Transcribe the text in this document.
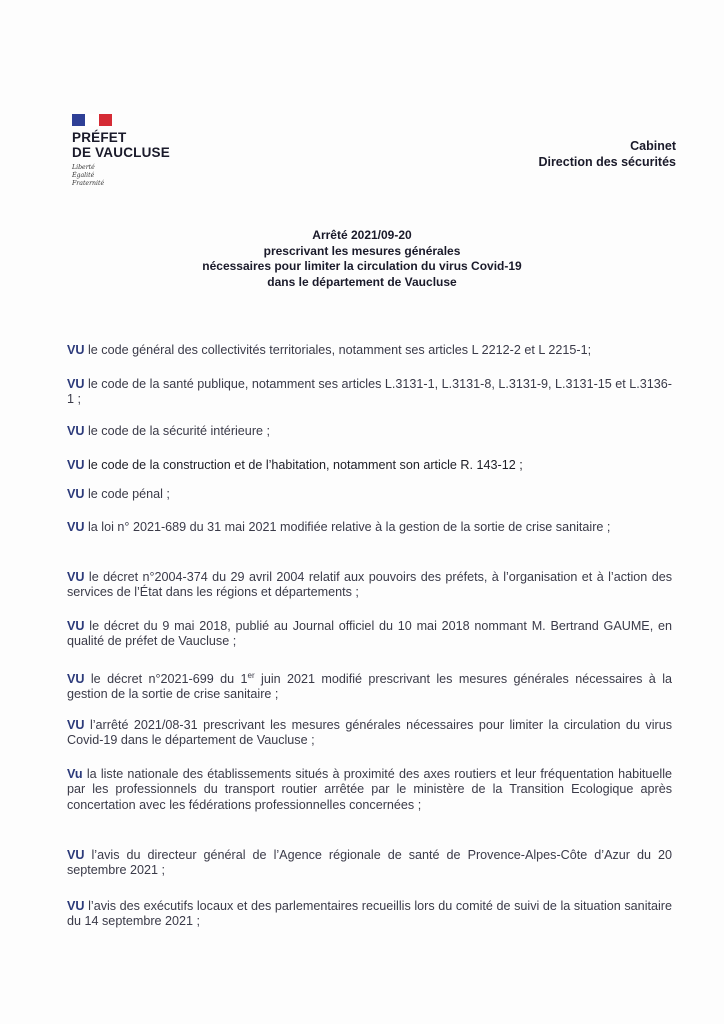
PRÉFET
DE VAUCLUSE
Liberté
Égalité
Fraternité
Cabinet
Direction des sécurités
Arrêté 2021/09-20
prescrivant les mesures générales
nécessaires pour limiter la circulation du virus Covid-19
dans le département de Vaucluse
VU le code général des collectivités territoriales, notamment ses articles L 2212-2 et L 2215-1;
VU le code de la santé publique, notamment ses articles L.3131-1, L.3131-8, L.3131-9, L.3131-15 et L.3136-1 ;
VU le code de la sécurité intérieure ;
VU le code de la construction et de l’habitation, notamment son article R. 143-12 ;
VU le code pénal ;
VU la loi n° 2021-689 du 31 mai 2021 modifiée relative à la gestion de la sortie de crise sanitaire ;
VU le décret n°2004-374 du 29 avril 2004 relatif aux pouvoirs des préfets, à l’organisation et à l’action des services de l’État dans les régions et départements ;
VU le décret du 9 mai 2018, publié au Journal officiel du 10 mai 2018 nommant M. Bertrand GAUME, en qualité de préfet de Vaucluse ;
VU le décret n°2021-699 du 1er juin 2021 modifié prescrivant les mesures générales nécessaires à la gestion de la sortie de crise sanitaire ;
VU l’arrêté 2021/08-31 prescrivant les mesures générales nécessaires pour limiter la circulation du virus Covid-19 dans le département de Vaucluse ;
Vu la liste nationale des établissements situés à proximité des axes routiers et leur fréquentation habituelle par les professionnels du transport routier arrêtée par le ministère de la Transition Ecologique après concertation avec les fédérations professionnelles concernées ;
VU l’avis du directeur général de l’Agence régionale de santé de Provence-Alpes-Côte d’Azur du 20 septembre 2021 ;
VU l’avis des exécutifs locaux et des parlementaires recueillis lors du comité de suivi de la situation sanitaire du 14 septembre 2021 ;
